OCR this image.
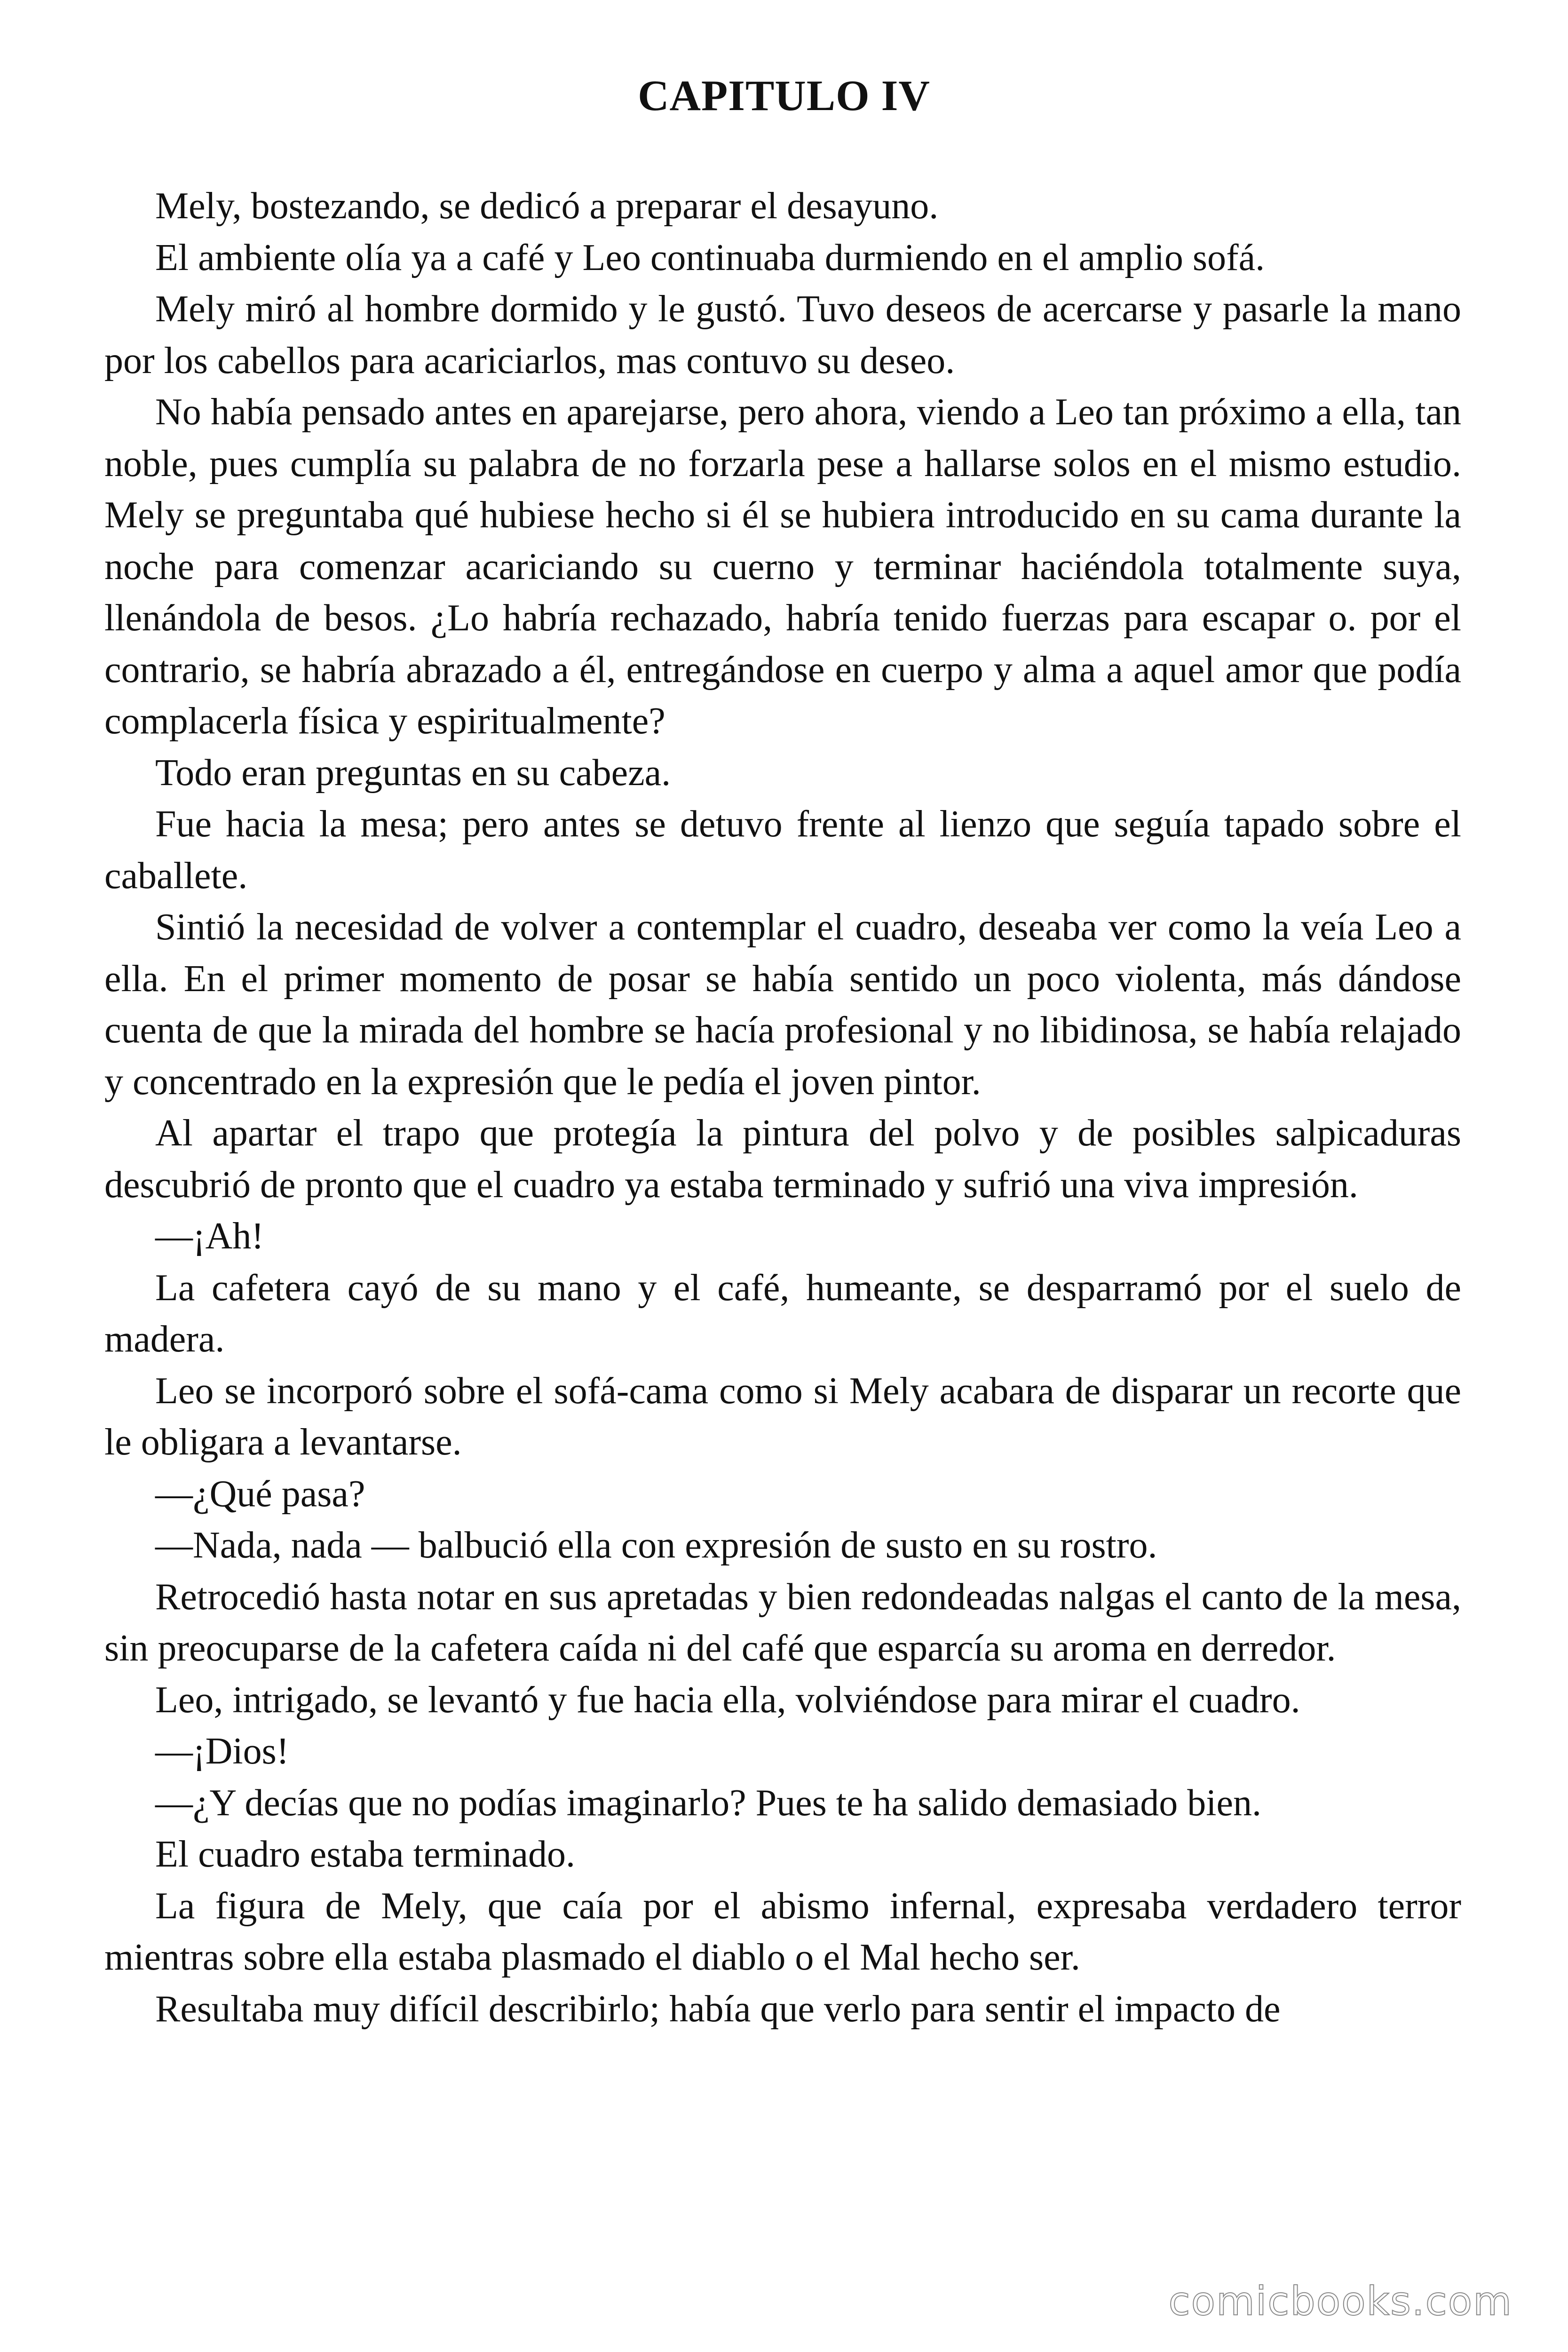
CAPITULO IV

Mely, bostezando, se dedicó a preparar el desayuno.

El ambiente olía ya a café y Leo continuaba durmiendo en el amplio sofá.

Mely miró al hombre dormido y le gustó. Tuvo deseos de acercarse y pasarle la mano por los cabellos para acariciarlos, mas contuvo su deseo.

No había pensado antes en aparejarse, pero ahora, viendo a Leo tan próximo a ella, tan noble, pues cumplía su palabra de no forzarla pese a hallarse solos en el mismo estudio. Mely se preguntaba qué hubiese hecho si él se hubiera introducido en su cama durante la noche para comenzar acariciando su cuerno y terminar haciéndola totalmente suya, llenándola de besos. ¿Lo habría rechazado, habría tenido fuerzas para escapar o. por el contrario, se habría abrazado a él, entregándose en cuerpo y alma a aquel amor que podía complacerla física y espiritualmente?

Todo eran preguntas en su cabeza.

Fue hacia la mesa; pero antes se detuvo frente al lienzo que seguía tapado sobre el caballete.

Sintió la necesidad de volver a contemplar el cuadro, deseaba ver como la veía Leo a ella. En el primer momento de posar se había sentido un poco violenta, más dándose cuenta de que la mirada del hombre se hacía profesional y no libidinosa, se había relajado y concentrado en la expresión que le pedía el joven pintor.

Al apartar el trapo que protegía la pintura del polvo y de posibles salpicaduras descubrió de pronto que el cuadro ya estaba terminado y sufrió una viva impresión.

—¡Ah!

La cafetera cayó de su mano y el café, humeante, se desparramó por el suelo de madera.

Leo se incorporó sobre el sofá-cama como si Mely acabara de disparar un recorte que le obligara a levantarse.

—¿Qué pasa?

—Nada, nada — balbució ella con expresión de susto en su rostro.

Retrocedió hasta notar en sus apretadas y bien redondeadas nalgas el canto de la mesa, sin preocuparse de la cafetera caída ni del café que esparcía su aroma en derredor.

Leo, intrigado, se levantó y fue hacia ella, volviéndose para mirar el cuadro.

—¡Dios!

—¿Y decías que no podías imaginarlo? Pues te ha salido demasiado bien.

El cuadro estaba terminado.

La figura de Mely, que caía por el abismo infernal, expresaba verdadero terror mientras sobre ella estaba plasmado el diablo o el Mal hecho ser.

Resultaba muy difícil describirlo; había que verlo para sentir el impacto de

comicbooks.com
